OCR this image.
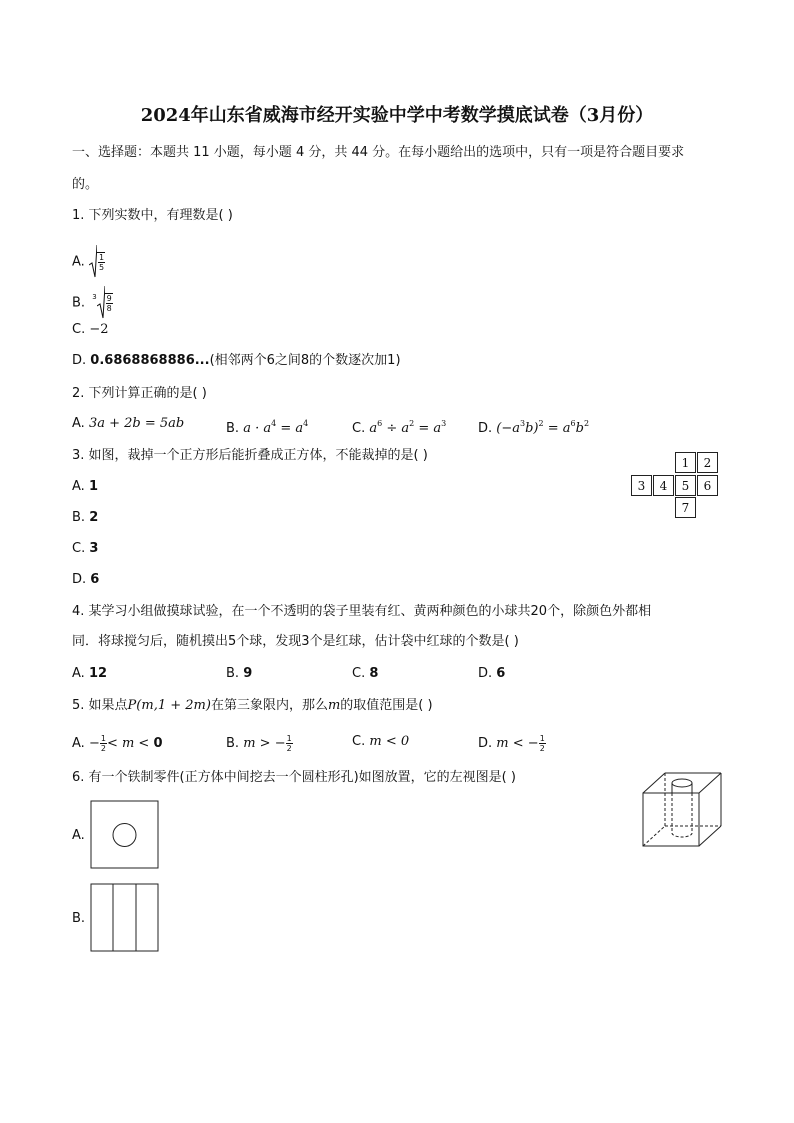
2024年山东省威海市经开实验中学中考数学摸底试卷（3月份）
一、选择题：本题共 11 小题，每小题 4 分，共 44 分。在每小题给出的选项中，只有一项是符合题目要求
的。
1. 下列实数中，有理数是( )
A. $\frac{1}{5}$
B. $^3 \frac{9}{8}$
C. −2
D. 0.6868868886...(相邻两个6之间8的个数逐次加1)
2. 下列计算正确的是( )
A. 3a + 2b = 5ab	B. $a \cdot a^4 = a^4$	C. $a^6 \div a^2 = a^3$ D. $(-a^3b)^2 = a^6b^2$
3. 如图，裁掉一个正方形后能折叠成正方体，不能裁掉的是( )
A. 1
B. 2
C. 3
D. 6
1	2
3	4	5	6
7
4. 某学习小组做摸球试验，在一个不透明的袋子里装有红、黄两种颜色的小球共20个，除颜色外都相
同．将球搅匀后，随机摸出5个球，发现3个是红球，估计袋中红球的个数是( )
A. 12	B. 9	C. 8	D. 6
5. 如果点P(m,1 + 2m)在第三象限内，那么m的取值范围是( )
A. − $\frac{1}{2} < m < 0$	B. m > − $\frac{1}{2}$	C. m < 0	D. m < − $\frac{1}{2}$
6. 有一个铁制零件(正方体中间挖去一个圆柱形孔)如图放置，它的左视图是( )
A.
B.
